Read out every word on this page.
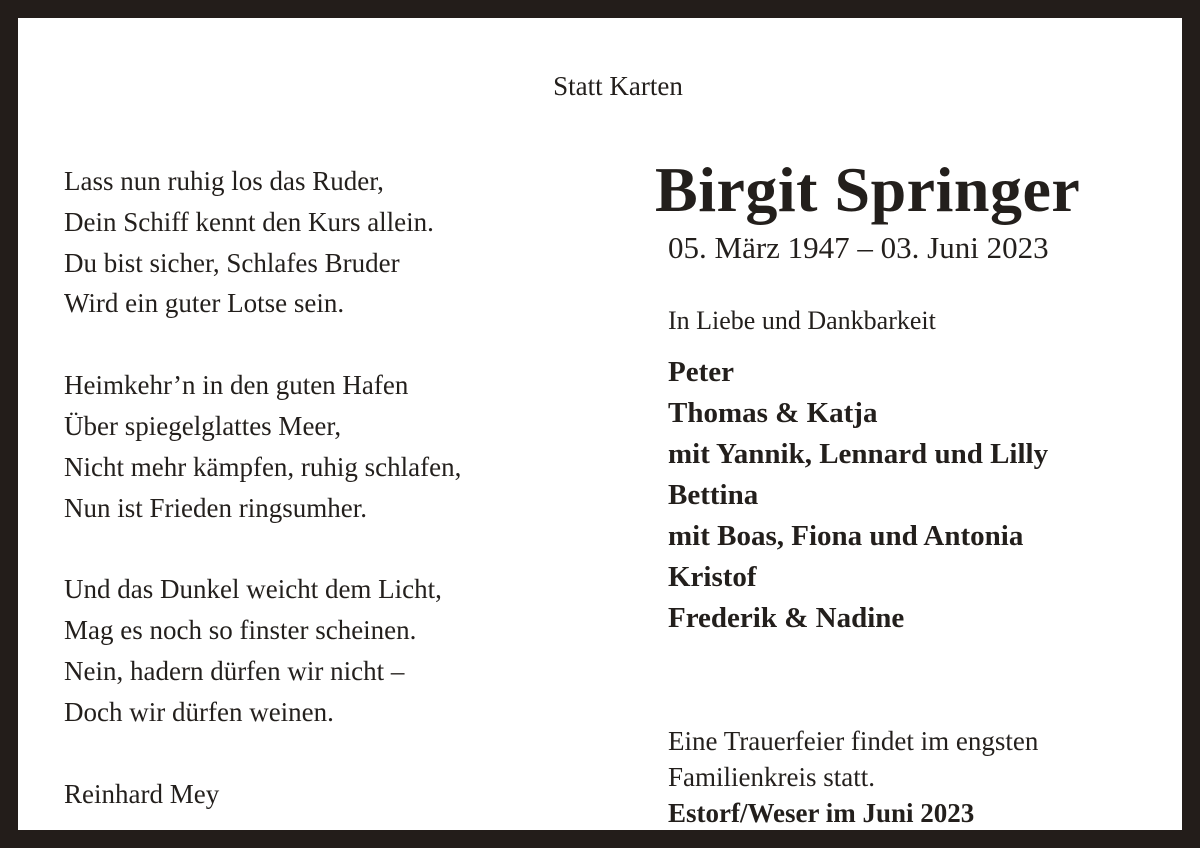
Statt Karten
Lass nun ruhig los das Ruder,
Dein Schiff kennt den Kurs allein.
Du bist sicher, Schlafes Bruder
Wird ein guter Lotse sein.
Heimkehr’n in den guten Hafen
Über spiegelglattes Meer,
Nicht mehr kämpfen, ruhig schlafen,
Nun ist Frieden ringsumher.
Und das Dunkel weicht dem Licht,
Mag es noch so finster scheinen.
Nein, hadern dürfen wir nicht –
Doch wir dürfen weinen.
Reinhard Mey
Birgit Springer
05. März 1947 – 03. Juni 2023
In Liebe und Dankbarkeit
Peter
Thomas & Katja
mit Yannik, Lennard und Lilly
Bettina
mit Boas, Fiona und Antonia
Kristof
Frederik & Nadine
Eine Trauerfeier findet im engsten
Familienkreis statt.
Estorf/Weser im Juni 2023
